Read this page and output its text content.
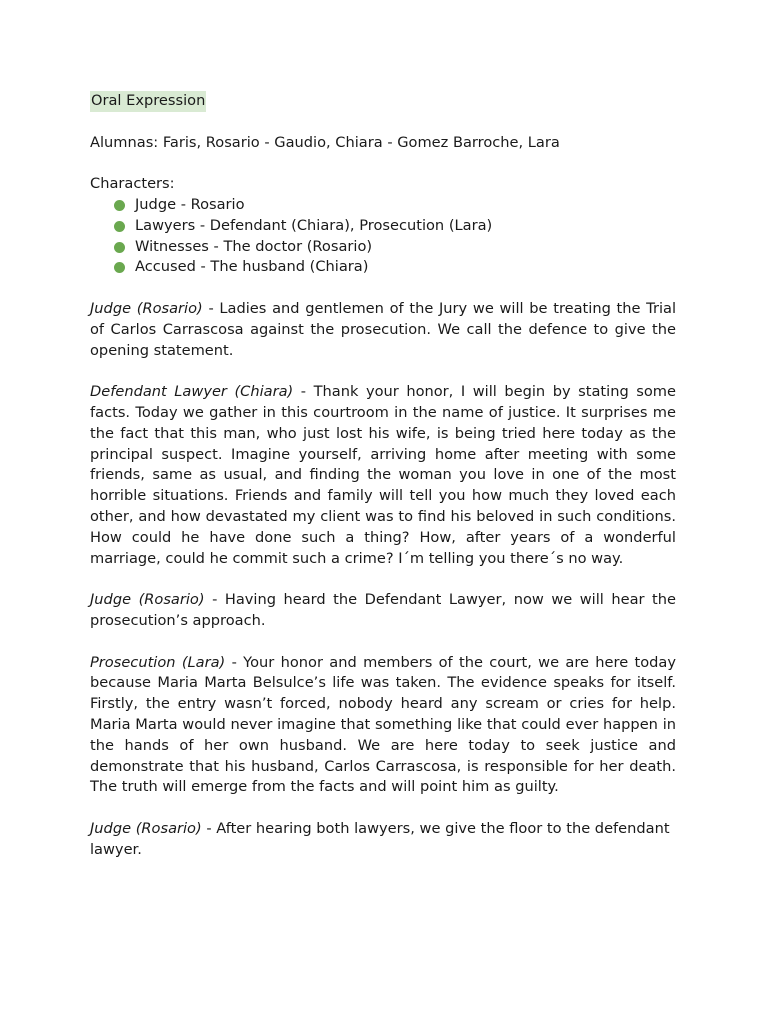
Oral Expression

Alumnas: Faris, Rosario - Gaudio, Chiara - Gomez Barroche, Lara

Characters:

Judge - Rosario
Lawyers - Defendant (Chiara), Prosecution (Lara)
Witnesses - The doctor (Rosario)
Accused - The husband (Chiara)

Judge (Rosario) - Ladies and gentlemen of the Jury we will be treating the Trial of Carlos Carrascosa against the prosecution. We call the defence to give the opening statement.

Defendant Lawyer (Chiara) - Thank your honor, I will begin by stating some facts. Today we gather in this courtroom in the name of justice. It surprises me the fact that this man, who just lost his wife, is being tried here today as the principal suspect. Imagine yourself, arriving home after meeting with some friends, same as usual, and finding the woman you love in one of the most horrible situations. Friends and family will tell you how much they loved each other, and how devastated my client was to find his beloved in such conditions. How could he have done such a thing? How, after years of a wonderful marriage, could he commit such a crime? I´m telling you there´s no way.

Judge (Rosario) - Having heard the Defendant Lawyer, now we will hear the prosecution’s approach.

Prosecution (Lara) - Your honor and members of the court, we are here today because Maria Marta Belsulce’s life was taken. The evidence speaks for itself. Firstly, the entry wasn’t forced, nobody heard any scream or cries for help. Maria Marta would never imagine that something like that could ever happen in the hands of her own husband. We are here today to seek justice and demonstrate that his husband, Carlos Carrascosa, is responsible for her death. The truth will emerge from the facts and will point him as guilty.

Judge (Rosario) - After hearing both lawyers, we give the floor to the defendant lawyer.
